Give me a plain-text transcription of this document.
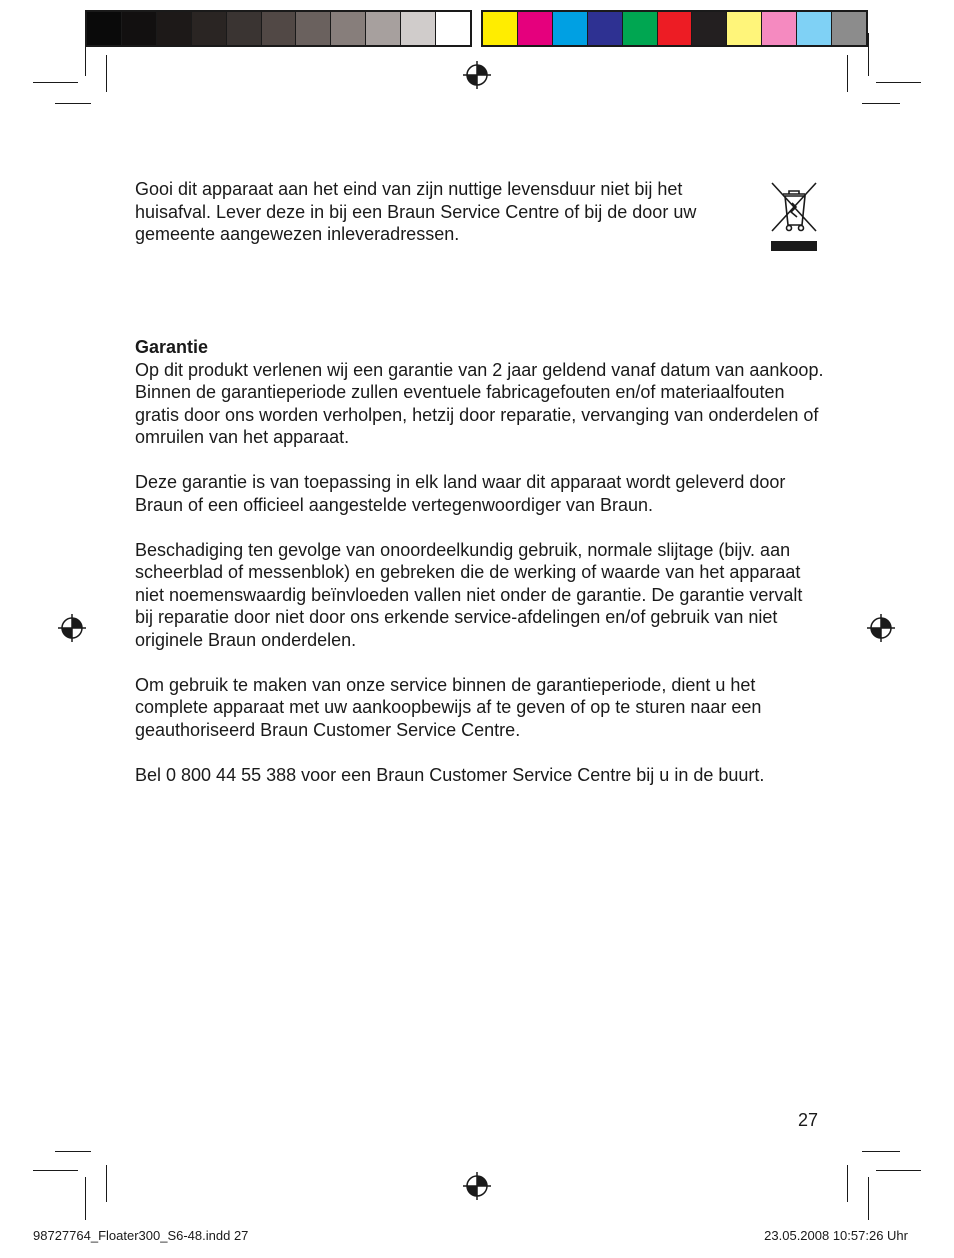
Gooi dit apparaat aan het eind van zijn nuttige levensduur niet bij het huisafval. Lever deze in bij een Braun Service Centre of bij de door uw gemeente aangewezen inleveradressen.

Garantie

Op dit produkt verlenen wij een garantie van 2 jaar geldend vanaf datum van aankoop. Binnen de garantieperiode zullen eventuele fabricagefouten en/of materiaalfouten gratis door ons worden verholpen, hetzij door reparatie, vervanging van onderdelen of omruilen van het apparaat.

Deze garantie is van toepassing in elk land waar dit apparaat wordt geleverd door Braun of een officieel aangestelde vertegenwoordiger van Braun.

Beschadiging ten gevolge van onoordeelkundig gebruik, normale slijtage (bijv. aan scheerblad of messenblok) en gebreken die de werking of waarde van het apparaat niet noemenswaardig beïnvloeden vallen niet onder de garantie. De garantie vervalt bij reparatie door niet door ons erkende service-afdelingen en/of gebruik van niet originele Braun onderdelen.

Om gebruik te maken van onze service binnen de garantieperiode, dient u het complete apparaat met uw aankoopbewijs af te geven of op te sturen naar een geauthoriseerd Braun Customer Service Centre.

Bel 0 800 44 55 388 voor een Braun Customer Service Centre bij u in de buurt.

27
98727764_Floater300_S6-48.indd 27	23.05.2008 10:57:26 Uhr
